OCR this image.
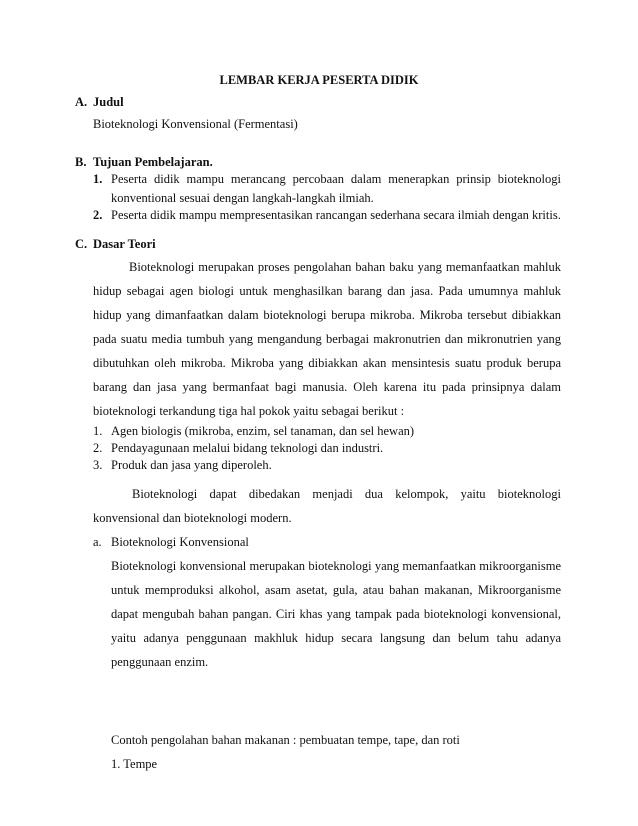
LEMBAR KERJA PESERTA DIDIK
A. Judul
Bioteknologi Konvensional (Fermentasi)
B. Tujuan Pembelajaran.
1. Peserta didik mampu merancang percobaan dalam menerapkan prinsip bioteknologi
konventional sesuai dengan langkah-langkah ilmiah.
2. Peserta didik mampu mempresentasikan rancangan sederhana secara ilmiah dengan kritis.
C. Dasar Teori
Bioteknologi merupakan proses pengolahan bahan baku yang memanfaatkan mahluk
hidup sebagai agen biologi untuk menghasilkan barang dan jasa. Pada umumnya mahluk
hidup yang dimanfaatkan dalam bioteknologi berupa mikroba. Mikroba tersebut dibiakkan
pada suatu media tumbuh yang mengandung berbagai makronutrien dan mikronutrien yang
dibutuhkan oleh mikroba. Mikroba yang dibiakkan akan mensintesis suatu produk berupa
barang dan jasa yang bermanfaat bagi manusia. Oleh karena itu pada prinsipnya dalam
bioteknologi terkandung tiga hal pokok yaitu sebagai berikut :
1. Agen biologis (mikroba, enzim, sel tanaman, dan sel hewan)
2. Pendayagunaan melalui bidang teknologi dan industri.
3. Produk dan jasa yang diperoleh.
Bioteknologi dapat dibedakan menjadi dua kelompok, yaitu bioteknologi
konvensional dan bioteknologi modern.
a. Bioteknologi Konvensional
Bioteknologi konvensional merupakan bioteknologi yang memanfaatkan mikroorganisme
untuk memproduksi alkohol, asam asetat, gula, atau bahan makanan, Mikroorganisme
dapat mengubah bahan pangan. Ciri khas yang tampak pada bioteknologi konvensional,
yaitu adanya penggunaan makhluk hidup secara langsung dan belum tahu adanya
penggunaan enzim.
Contoh pengolahan bahan makanan : pembuatan tempe, tape, dan roti
1. Tempe
